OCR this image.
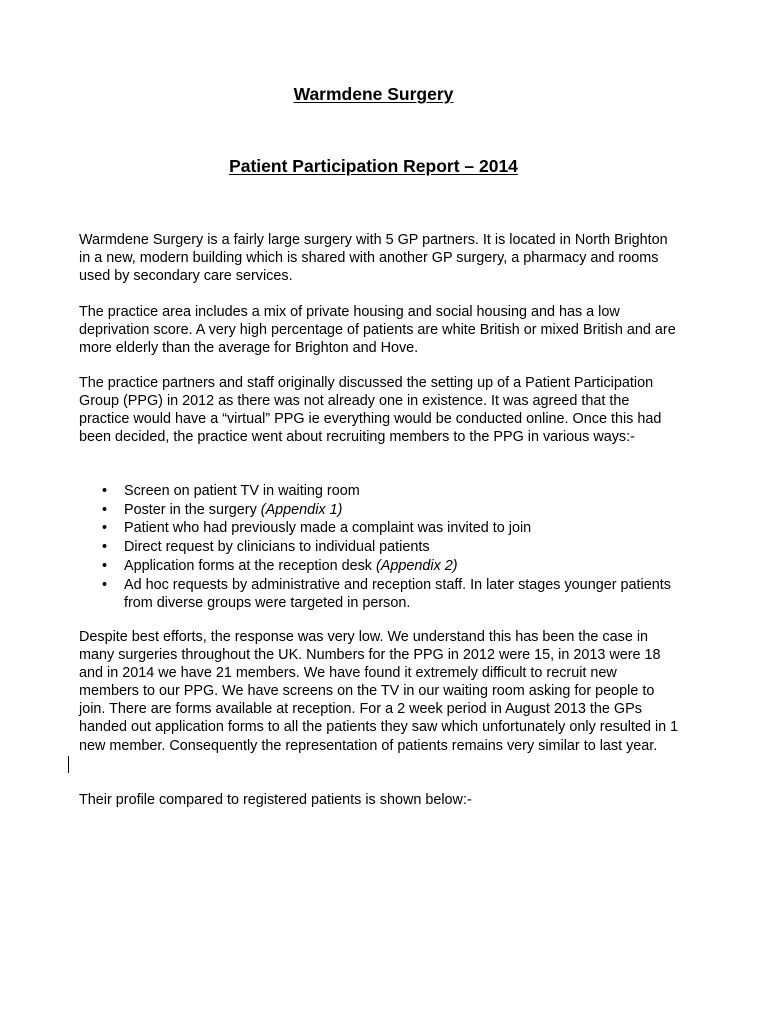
Warmdene Surgery
Patient Participation Report – 2014

Warmdene Surgery is a fairly large surgery with 5 GP partners. It is located in North Brighton in a new, modern building which is shared with another GP surgery, a pharmacy and rooms used by secondary care services.

The practice area includes a mix of private housing and social housing and has a low deprivation score. A very high percentage of patients are white British or mixed British and are more elderly than the average for Brighton and Hove.

The practice partners and staff originally discussed the setting up of a Patient Participation Group (PPG) in 2012 as there was not already one in existence. It was agreed that the practice would have a “virtual” PPG ie everything would be conducted online. Once this had been decided, the practice went about recruiting members to the PPG in various ways:-

• Screen on patient TV in waiting room
• Poster in the surgery (Appendix 1)
• Patient who had previously made a complaint was invited to join
• Direct request by clinicians to individual patients
• Application forms at the reception desk (Appendix 2)
• Ad hoc requests by administrative and reception staff. In later stages younger patients from diverse groups were targeted in person.

Despite best efforts, the response was very low. We understand this has been the case in many surgeries throughout the UK. Numbers for the PPG in 2012 were 15, in 2013 were 18 and in 2014 we have 21 members. We have found it extremely difficult to recruit new members to our PPG. We have screens on the TV in our waiting room asking for people to join. There are forms available at reception. For a 2 week period in August 2013 the GPs handed out application forms to all the patients they saw which unfortunately only resulted in 1 new member. Consequently the representation of patients remains very similar to last year.

Their profile compared to registered patients is shown below:-
